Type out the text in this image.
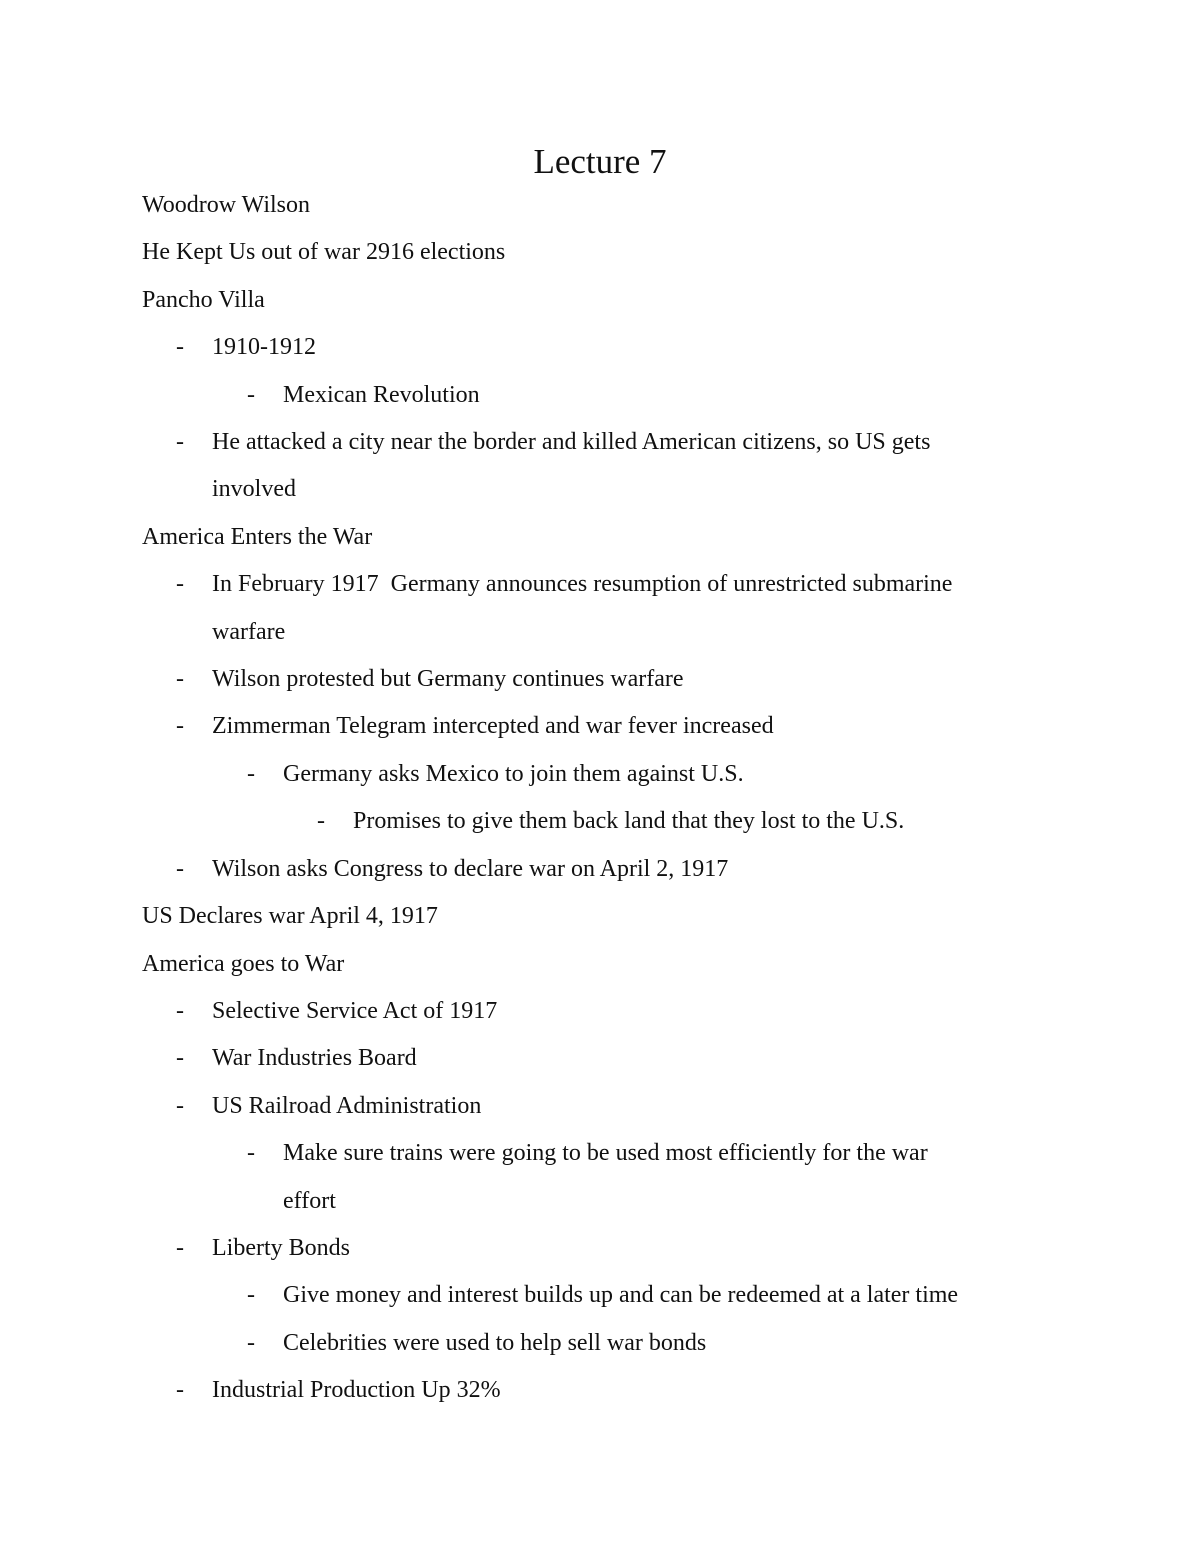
Lecture 7

Woodrow Wilson

He Kept Us out of war 2916 elections

Pancho Villa

-	1910-1912

-	Mexican Revolution

-	He attacked a city near the border and killed American citizens, so US gets

involved

America Enters the War

-	In February 1917  Germany announces resumption of unrestricted submarine

warfare

-	Wilson protested but Germany continues warfare

-	Zimmerman Telegram intercepted and war fever increased

-	Germany asks Mexico to join them against U.S.

-	Promises to give them back land that they lost to the U.S.

-	Wilson asks Congress to declare war on April 2, 1917

US Declares war April 4, 1917

America goes to War

-	Selective Service Act of 1917

-	War Industries Board

-	US Railroad Administration

-	Make sure trains were going to be used most efficiently for the war

effort

-	Liberty Bonds

-	Give money and interest builds up and can be redeemed at a later time

-	Celebrities were used to help sell war bonds

-	Industrial Production Up 32%
